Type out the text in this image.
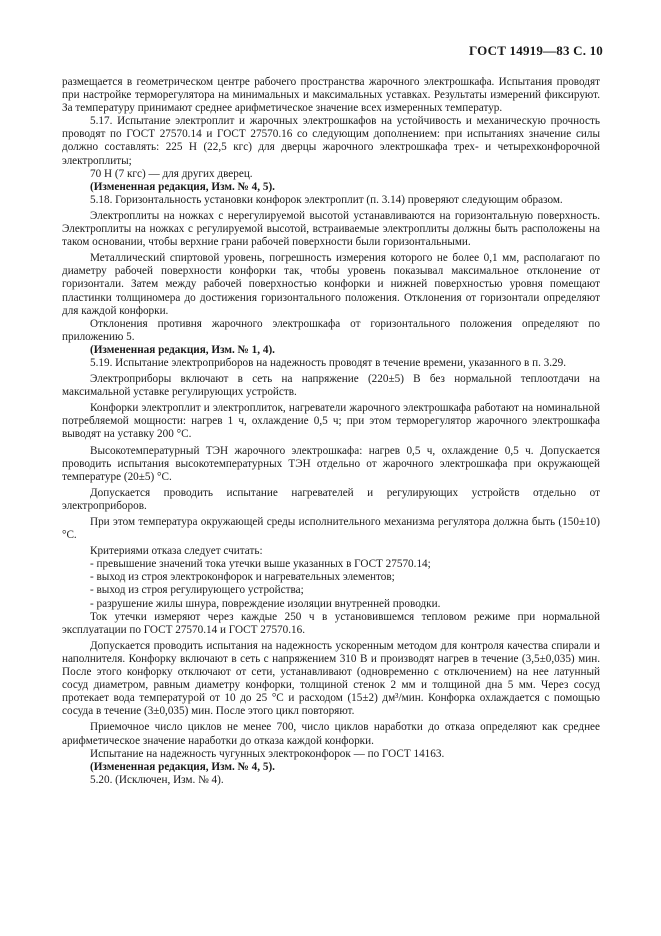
ГОСТ 14919—83 С. 10

размещается в геометрическом центре рабочего пространства жарочного электрошкафа. Испытания проводят при настройке терморегулятора на минимальных и максимальных уставках. Результаты измерений фиксируют. За температуру принимают среднее арифметическое значение всех измеренных температур.

5.17. Испытание электроплит и жарочных электрошкафов на устойчивость и механическую прочность проводят по ГОСТ 27570.14 и ГОСТ 27570.16 со следующим дополнением: при испытаниях значение силы должно составлять: 225 Н (22,5 кгс) для дверцы жарочного электрошкафа трех- и четырехконфорочной электроплиты;

70 Н (7 кгс) — для других дверец.

(Измененная редакция, Изм. № 4, 5).

5.18. Горизонтальность установки конфорок электроплит (п. 3.14) проверяют следующим образом.

Электроплиты на ножках с нерегулируемой высотой устанавливаются на горизонтальную поверхность. Электроплиты на ножках с регулируемой высотой, встраиваемые электроплиты должны быть расположены на таком основании, чтобы верхние грани рабочей поверхности были горизонтальными.

Металлический спиртовой уровень, погрешность измерения которого не более 0,1 мм, располагают по диаметру рабочей поверхности конфорки так, чтобы уровень показывал максимальное отклонение от горизонтали. Затем между рабочей поверхностью конфорки и нижней поверхностью уровня помещают пластинки толщиномера до достижения горизонтального положения. Отклонения от горизонтали определяют для каждой конфорки.

Отклонения противня жарочного электрошкафа от горизонтального положения определяют по приложению 5.

(Измененная редакция, Изм. № 1, 4).

5.19. Испытание электроприборов на надежность проводят в течение времени, указанного в п. 3.29.

Электроприборы включают в сеть на напряжение (220±5) В без нормальной теплоотдачи на максимальной уставке регулирующих устройств.

Конфорки электроплит и электроплиток, нагреватели жарочного электрошкафа работают на номинальной потребляемой мощности: нагрев 1 ч, охлаждение 0,5 ч; при этом терморегулятор жарочного электрошкафа выводят на уставку 200 °С.

Высокотемпературный ТЭН жарочного электрошкафа: нагрев 0,5 ч, охлаждение 0,5 ч. Допускается проводить испытания высокотемпературных ТЭН отдельно от жарочного электрошкафа при окружающей температуре (20±5) °С.

Допускается проводить испытание нагревателей и регулирующих устройств отдельно от электроприборов.

При этом температура окружающей среды исполнительного механизма регулятора должна быть (150±10) °С.

Критериями отказа следует считать:

- превышение значений тока утечки выше указанных в ГОСТ 27570.14;

- выход из строя электроконфорок и нагревательных элементов;

- выход из строя регулирующего устройства;

- разрушение жилы шнура, повреждение изоляции внутренней проводки.

Ток утечки измеряют через каждые 250 ч в установившемся тепловом режиме при нормальной эксплуатации по ГОСТ 27570.14 и ГОСТ 27570.16.

Допускается проводить испытания на надежность ускоренным методом для контроля качества спирали и наполнителя. Конфорку включают в сеть с напряжением 310 В и производят нагрев в течение (3,5±0,035) мин. После этого конфорку отключают от сети, устанавливают (одновременно с отключением) на нее латунный сосуд диаметром, равным диаметру конфорки, толщиной стенок 2 мм и толщиной дна 5 мм. Через сосуд протекает вода температурой от 10 до 25 °С и расходом (15±2) дм³/мин. Конфорка охлаждается с помощью сосуда в течение (3±0,035) мин. После этого цикл повторяют.

Приемочное число циклов не менее 700, число циклов наработки до отказа определяют как среднее арифметическое значение наработки до отказа каждой конфорки.

Испытание на надежность чугунных электроконфорок — по ГОСТ 14163.

(Измененная редакция, Изм. № 4, 5).

5.20. (Исключен, Изм. № 4).
